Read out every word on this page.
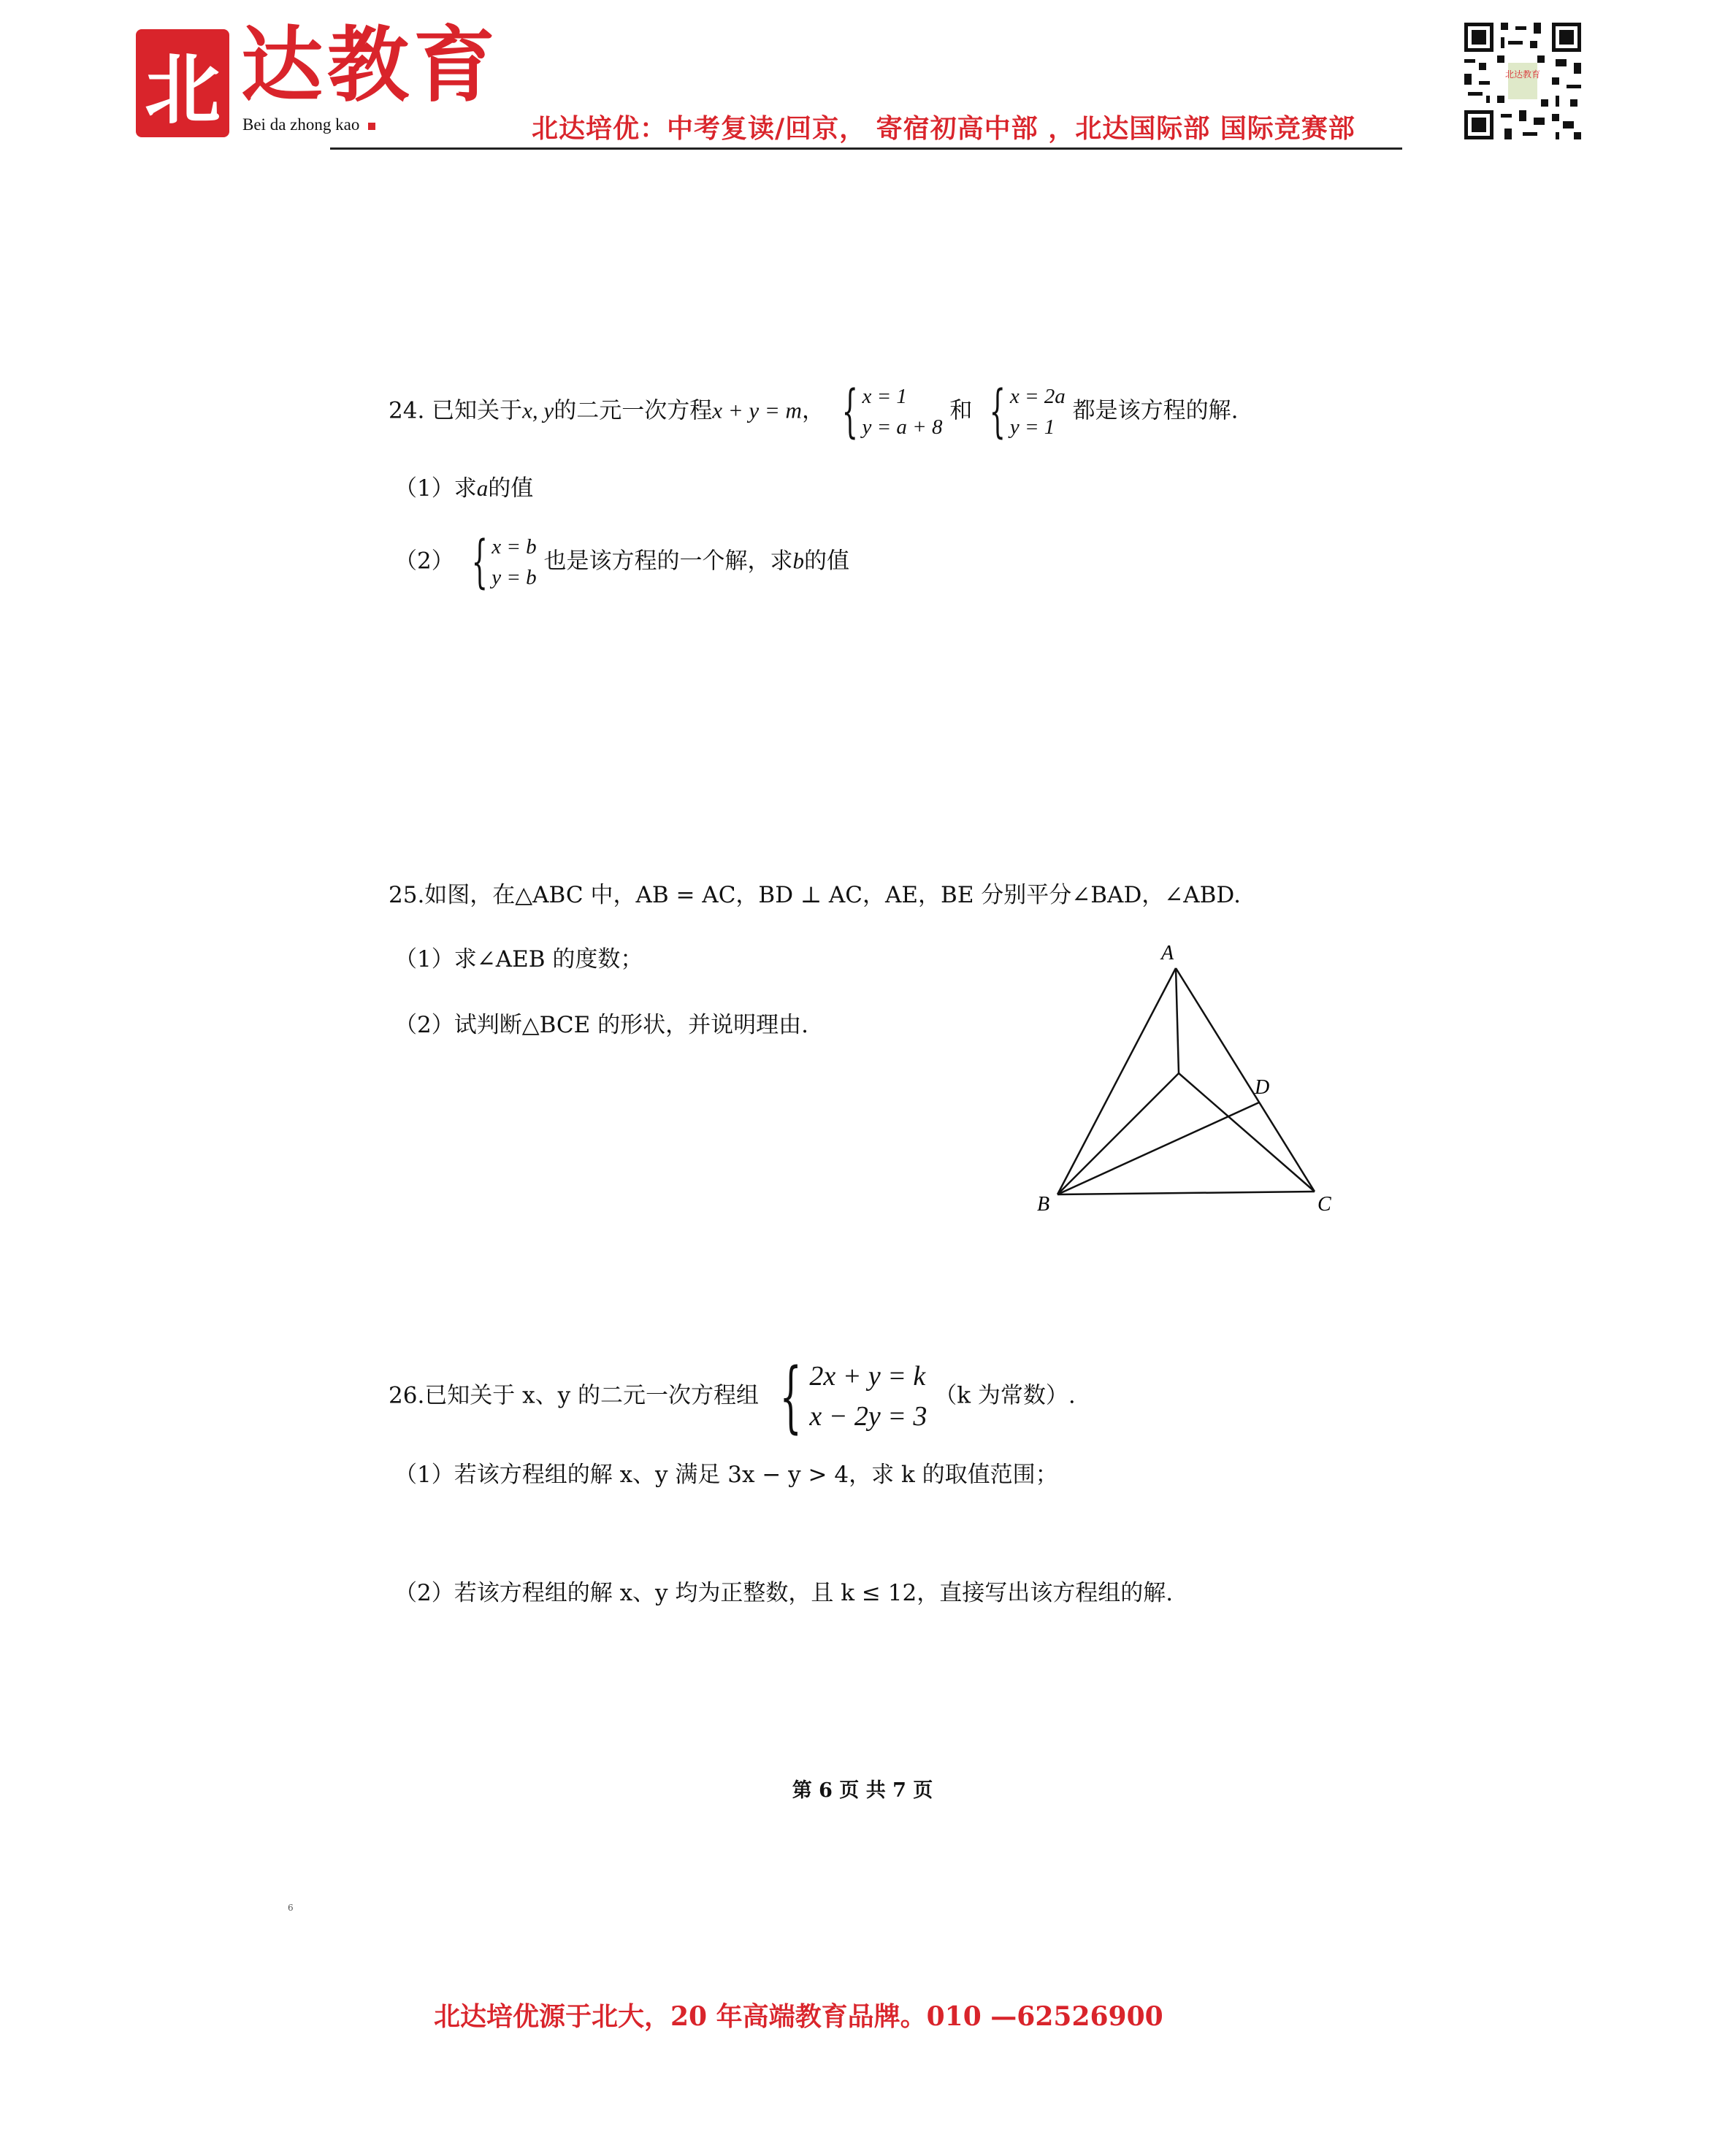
北 达教育
Bei da zhong kao	北达培优：中考复读/回京， 寄宿初高中部 ，北达国际部 国际竞赛部
北达教育
24. 已知关于x, y的二元一次方程x + y = m， { x = 1
y = a + 8
和 { x = 2a
y = 1
都是该方程的解.
（1）求a的值
（2） { x = b
y = b
也是该方程的一个解，求b的值
25.如图，在△ABC 中，AB = AC，BD ⊥ AC，AE，BE 分别平分∠BAD，∠ABD.
（1）求∠AEB 的度数；
（2）试判断△BCE 的形状，并说明理由.
A
B	C
D
26.已知关于 x、y 的二元一次方程组 { 2x + y = k
x − 2y = 3
（k 为常数）.
（1）若该方程组的解 x、y 满足 3x − y > 4，求 k 的取值范围；
（2）若该方程组的解 x、y 均为正整数，且 k ≤ 12，直接写出该方程组的解.
第 6 页 共 7 页
6
北达培优源于北大，20 年高端教育品牌。010 —62526900
